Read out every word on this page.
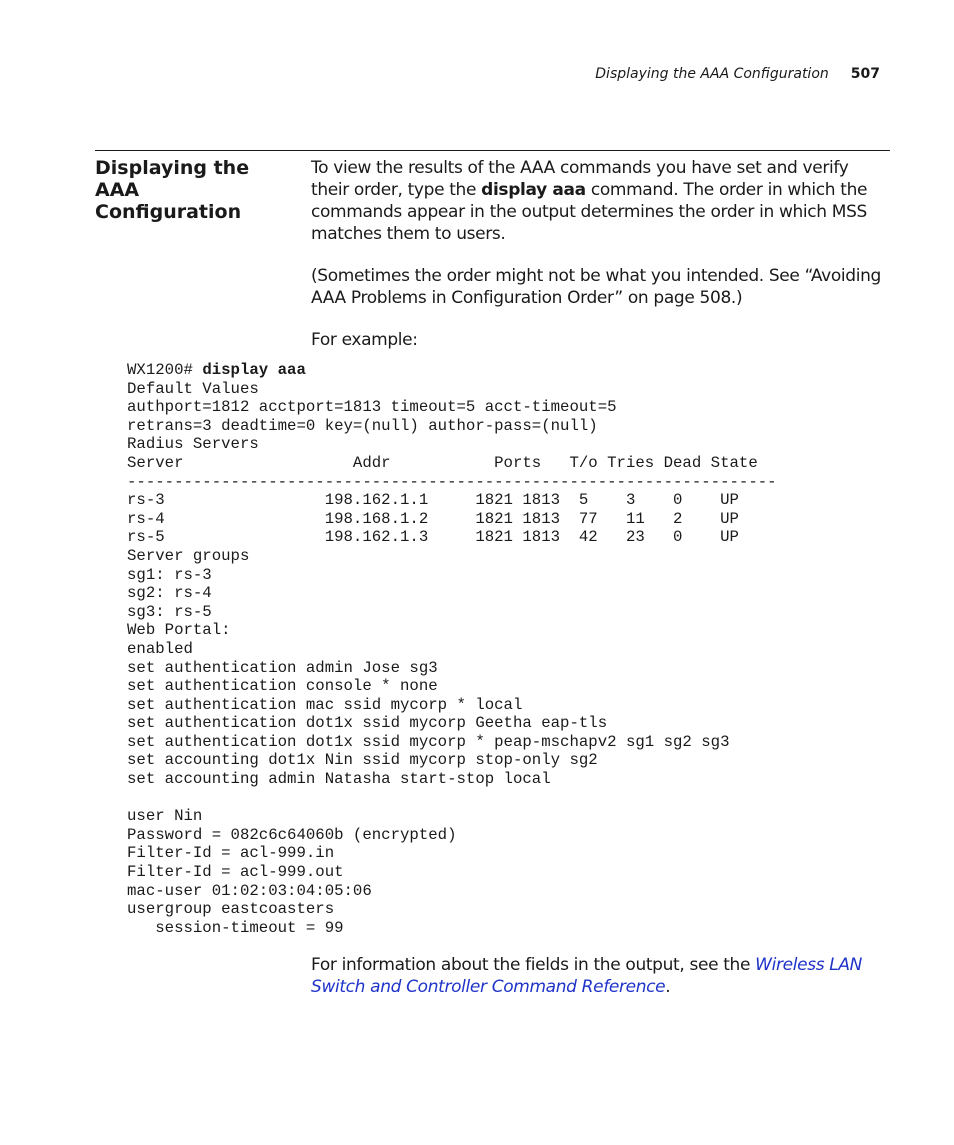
Displaying the AAA Configuration 507
Displaying the AAA
Configuration
To view the results of the AAA commands you have set and verify their order, type the display aaa command. The order in which the commands appear in the output determines the order in which MSS matches them to users.
(Sometimes the order might not be what you intended. See “Avoiding AAA Problems in Configuration Order” on page 508.)
For example:
WX1200# display aaa
Default Values
authport=1812 acctport=1813 timeout=5 acct-timeout=5
retrans=3 deadtime=0 key=(null) author-pass=(null)
Radius Servers
Server                  Addr           Ports   T/o Tries Dead State
---------------------------------------------------------------------
rs-3                 198.162.1.1     1821 1813  5    3    0    UP
rs-4                 198.168.1.2     1821 1813  77   11   2    UP
rs-5                 198.162.1.3     1821 1813  42   23   0    UP
Server groups
sg1: rs-3
sg2: rs-4
sg3: rs-5
Web Portal:
enabled
set authentication admin Jose sg3
set authentication console * none
set authentication mac ssid mycorp * local
set authentication dot1x ssid mycorp Geetha eap-tls
set authentication dot1x ssid mycorp * peap-mschapv2 sg1 sg2 sg3
set accounting dot1x Nin ssid mycorp stop-only sg2
set accounting admin Natasha start-stop local

user Nin
Password = 082c6c64060b (encrypted)
Filter-Id = acl-999.in
Filter-Id = acl-999.out
mac-user 01:02:03:04:05:06
usergroup eastcoasters
session-timeout = 99
For information about the fields in the output, see the Wireless LAN Switch and Controller Command Reference.
